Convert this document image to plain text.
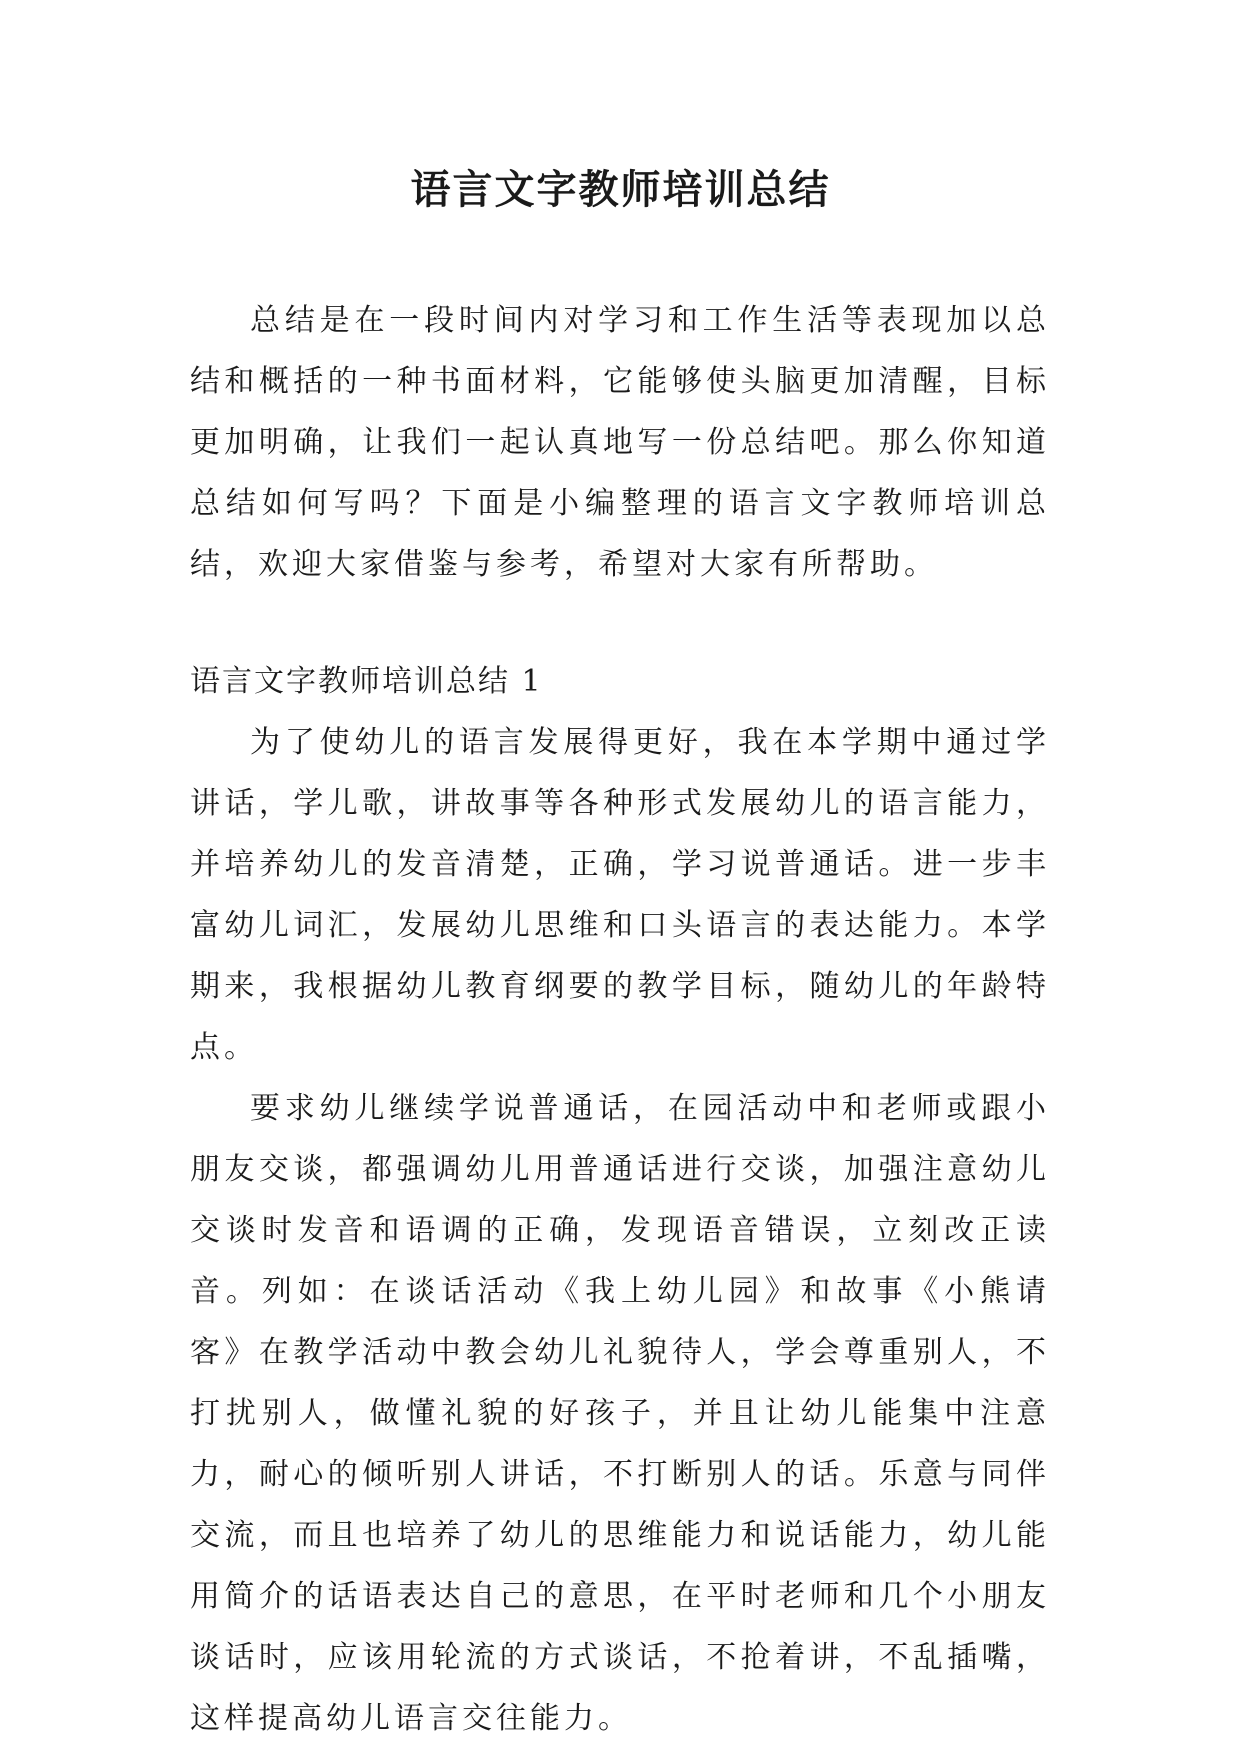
语言文字教师培训总结

总结是在一段时间内对学习和工作生活等表现加以总结和概括的一种书面材料，它能够使头脑更加清醒，目标更加明确，让我们一起认真地写一份总结吧。那么你知道总结如何写吗？下面是小编整理的语言文字教师培训总结，欢迎大家借鉴与参考，希望对大家有所帮助。

语言文字教师培训总结 1

为了使幼儿的语言发展得更好，我在本学期中通过学讲话，学儿歌，讲故事等各种形式发展幼儿的语言能力，并培养幼儿的发音清楚，正确，学习说普通话。进一步丰富幼儿词汇，发展幼儿思维和口头语言的表达能力。本学期来，我根据幼儿教育纲要的教学目标，随幼儿的年龄特点。

要求幼儿继续学说普通话，在园活动中和老师或跟小朋友交谈，都强调幼儿用普通话进行交谈，加强注意幼儿交谈时发音和语调的正确，发现语音错误，立刻改正读音。列如：在谈话活动《我上幼儿园》和故事《小熊请客》在教学活动中教会幼儿礼貌待人，学会尊重别人，不打扰别人，做懂礼貌的好孩子，并且让幼儿能集中注意力，耐心的倾听别人讲话，不打断别人的话。乐意与同伴交流，而且也培养了幼儿的思维能力和说话能力，幼儿能用简介的话语表达自己的意思，在平时老师和几个小朋友谈话时，应该用轮流的方式谈话，不抢着讲，不乱插嘴，这样提高幼儿语言交往能力。
